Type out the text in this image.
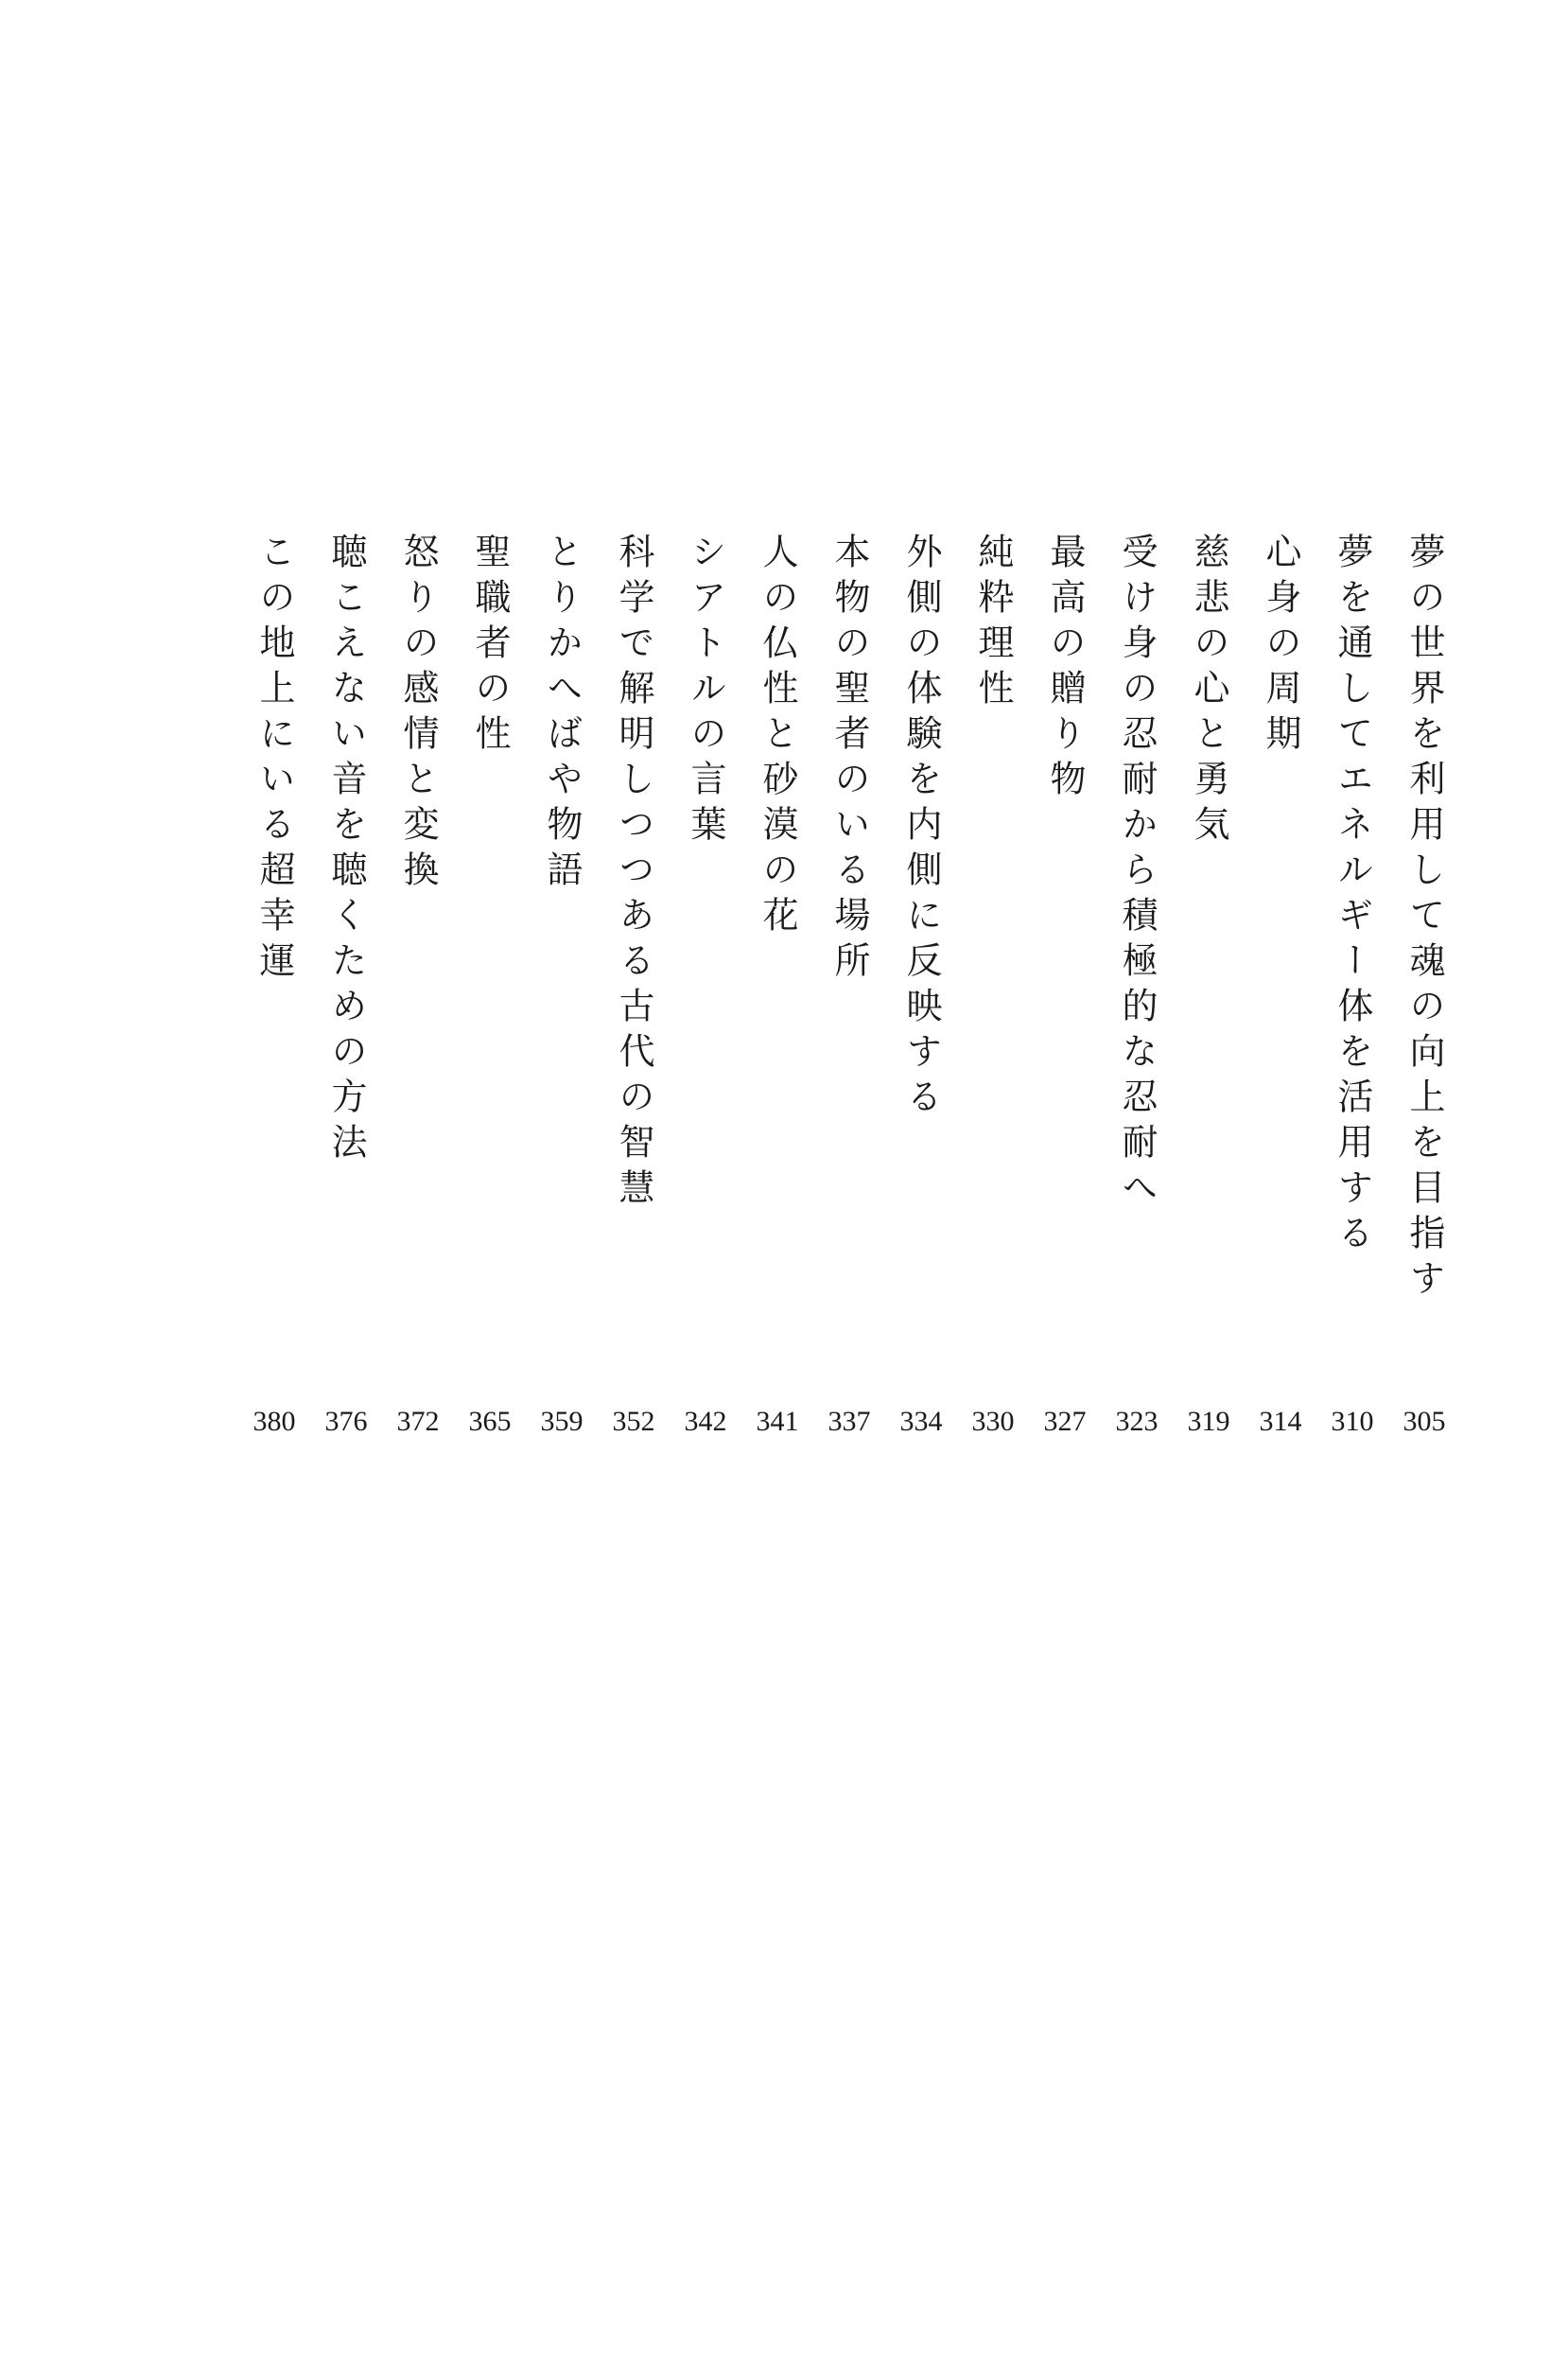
夢の世界を利用して魂の向上を目指す
305
夢を通してエネルギー体を活用する
310
心身の周期
314
慈悲の心と勇気
319
受け身の忍耐から積極的な忍耐へ
323
最高の贈り物
327
純粋理性
330
外側の体験を内側に反映する
334
本物の聖者のいる場所
337
人の仏性と砂漠の花
341
シアトルの言葉
342
科学で解明しつつある古代の智慧
352
とりかへばや物語
359
聖職者の性
365
怒りの感情と変換
372
聴こえない音を聴くための方法
376
この地上にいる超幸運
380
